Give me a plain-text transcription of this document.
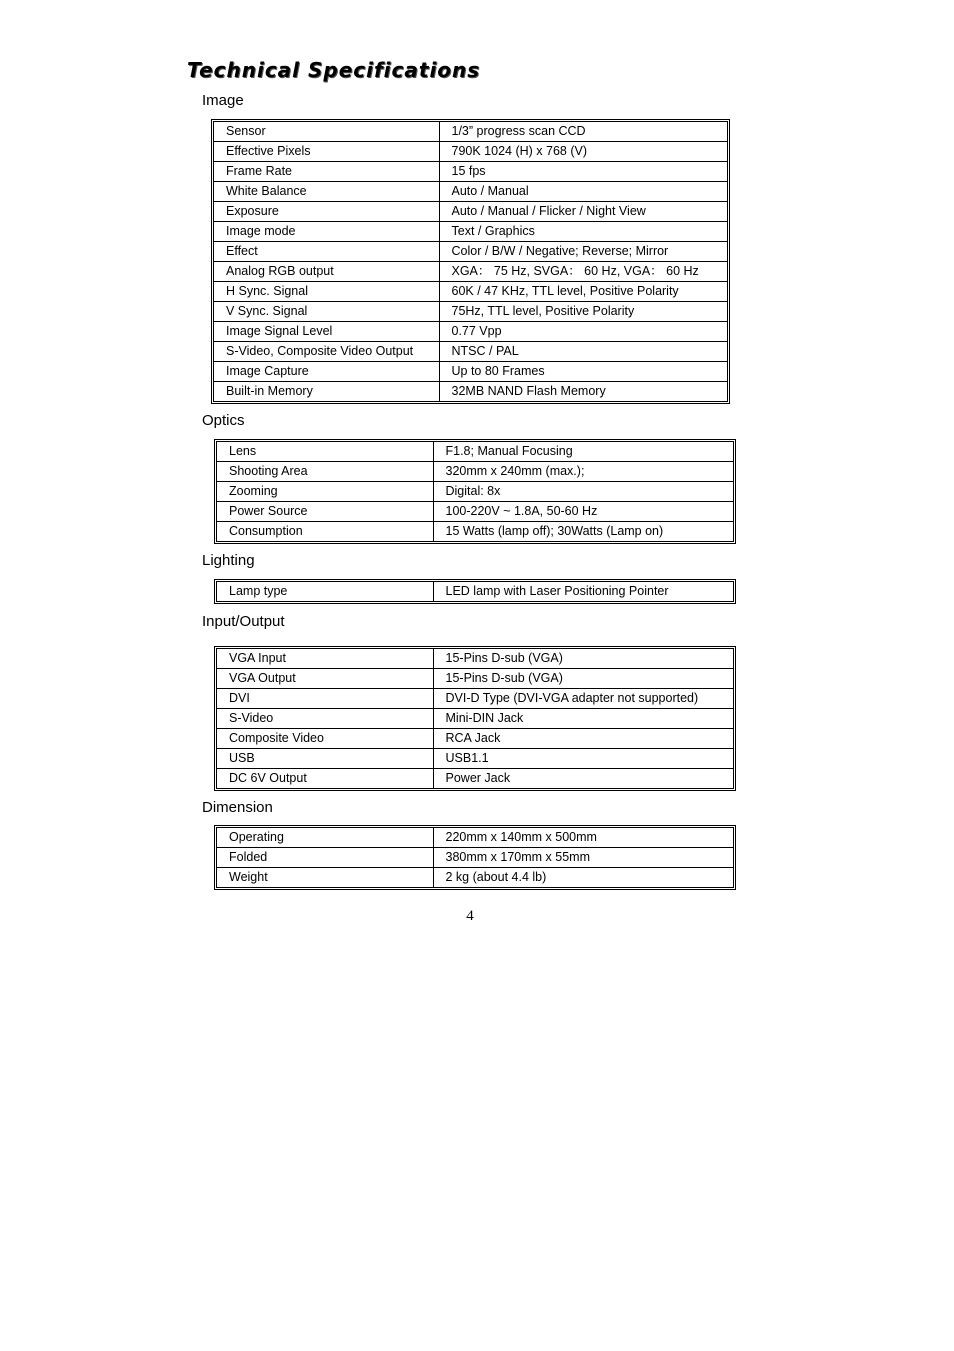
Technical Specifications
Image
Sensor	1/3” progress scan CCD
Effective Pixels	790K 1024 (H) x 768 (V)
Frame Rate	15 fps
White Balance	Auto / Manual
Exposure	Auto / Manual / Flicker / Night View
Image mode	Text / Graphics
Effect	Color / B/W / Negative; Reverse; Mirror
Analog RGB output	XGA： 75 Hz, SVGA： 60 Hz, VGA： 60 Hz
H Sync. Signal	60K / 47 KHz, TTL level, Positive Polarity
V Sync. Signal	75Hz, TTL level, Positive Polarity
Image Signal Level	0.77 Vpp
S-Video, Composite Video Output	NTSC / PAL
Image Capture	Up to 80 Frames
Built-in Memory	32MB NAND Flash Memory
Optics
Lens	F1.8; Manual Focusing
Shooting Area	320mm x 240mm (max.);
Zooming	Digital: 8x
Power Source	100-220V ~ 1.8A, 50-60 Hz
Consumption	15 Watts (lamp off); 30Watts (Lamp on)
Lighting
Lamp type	LED lamp with Laser Positioning Pointer
Input/Output
VGA Input	15-Pins D-sub (VGA)
VGA Output	15-Pins D-sub (VGA)
DVI	DVI-D Type (DVI-VGA adapter not supported)
S-Video	Mini-DIN Jack
Composite Video	RCA Jack
USB	USB1.1
DC 6V Output	Power Jack
Dimension
Operating	220mm x 140mm x 500mm
Folded	380mm x 170mm x 55mm
Weight	2 kg (about 4.4 lb)
4
